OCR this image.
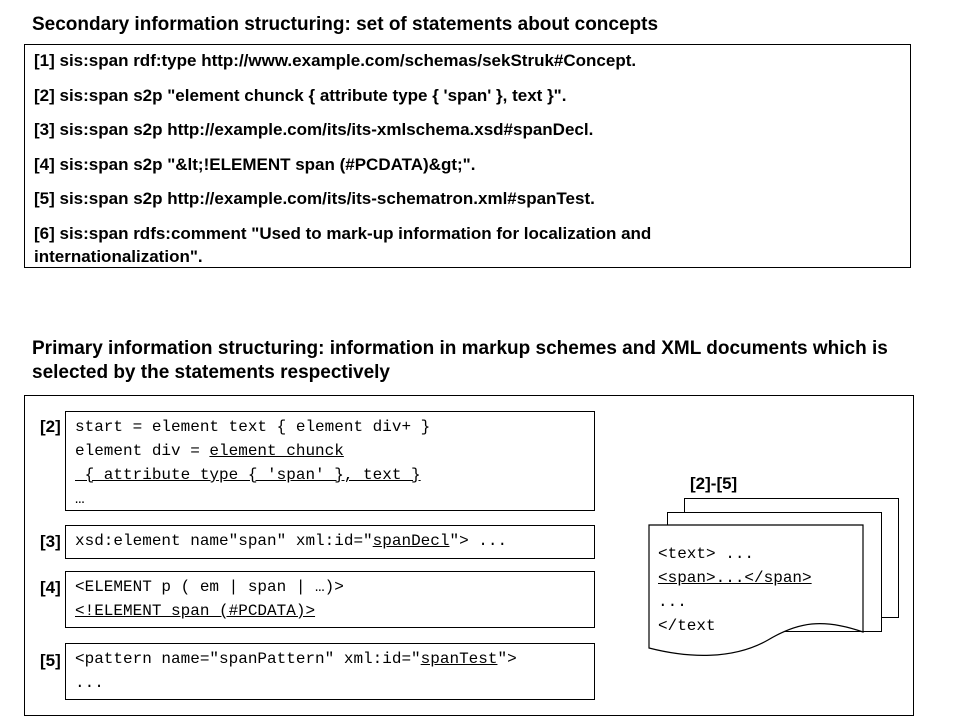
Secondary information structuring: set of statements about concepts
[1] sis:span rdf:type http://www.example.com/schemas/sekStruk#Concept.
[2] sis:span s2p "element chunck { attribute type { 'span' }, text }".
[3] sis:span s2p http://example.com/its/its-xmlschema.xsd#spanDecl.
[4] sis:span s2p "&lt;!ELEMENT span (#PCDATA)&gt;".
[5] sis:span s2p http://example.com/its/its-schematron.xml#spanTest.
[6] sis:span rdfs:comment "Used to mark-up information for localization and internationalization".
Primary information structuring: information in markup schemes and XML documents which is selected by the statements respectively
[2] start = element text { element div+ }
element div = element chunck
{ attribute type { 'span' }, text }
…
[3] xsd:element name"span" xml:id="spanDecl"> ...
[4] <ELEMENT p ( em | span | …)>
<!ELEMENT span (#PCDATA)>
[5] <pattern name="spanPattern" xml:id="spanTest">
...
[2]-[5]
<text> ...
<span>...</span>
...
</text
